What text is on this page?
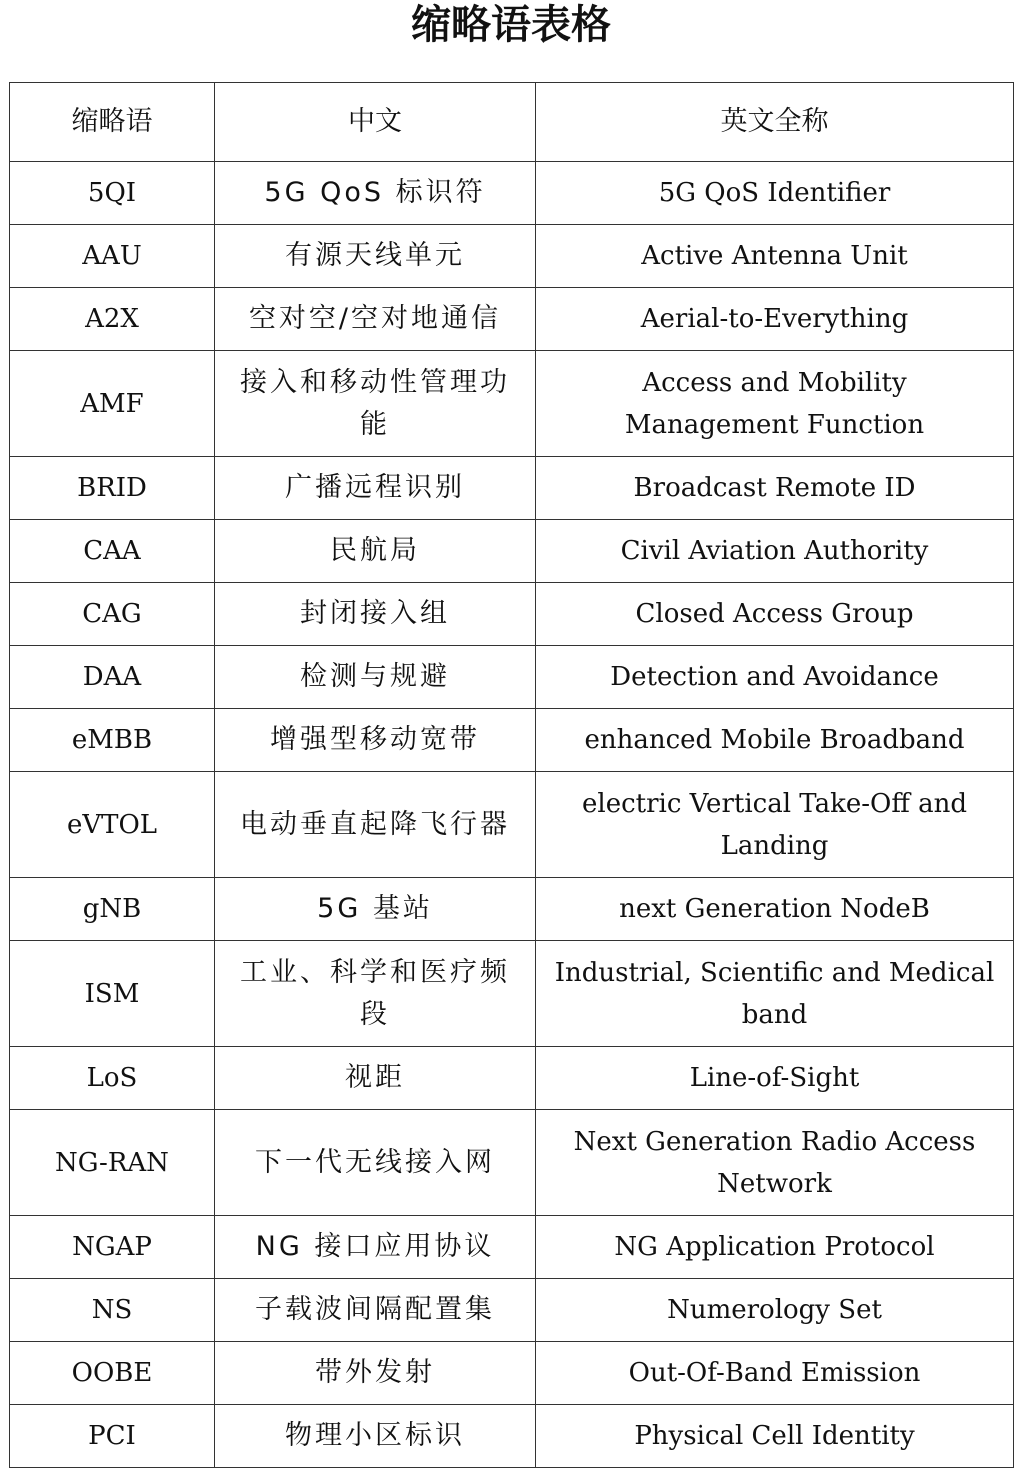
缩略语表格
缩略语	中文	英文全称
5QI	5G QoS 标识符	5G QoS Identifier
AAU	有源天线单元	Active Antenna Unit
A2X	空对空/空对地通信	Aerial-to-Everything
AMF	接入和移动性管理功能	Access and Mobility Management Function
BRID	广播远程识别	Broadcast Remote ID
CAA	民航局	Civil Aviation Authority
CAG	封闭接入组	Closed Access Group
DAA	检测与规避	Detection and Avoidance
eMBB	增强型移动宽带	enhanced Mobile Broadband
eVTOL	电动垂直起降飞行器	electric Vertical Take-Off and Landing
gNB	5G 基站	next Generation NodeB
ISM	工业、科学和医疗频段	Industrial, Scientific and Medical band
LoS	视距	Line-of-Sight
NG-RAN	下一代无线接入网	Next Generation Radio Access Network
NGAP	NG 接口应用协议	NG Application Protocol
NS	子载波间隔配置集	Numerology Set
OOBE	带外发射	Out-Of-Band Emission
PCI	物理小区标识	Physical Cell Identity
